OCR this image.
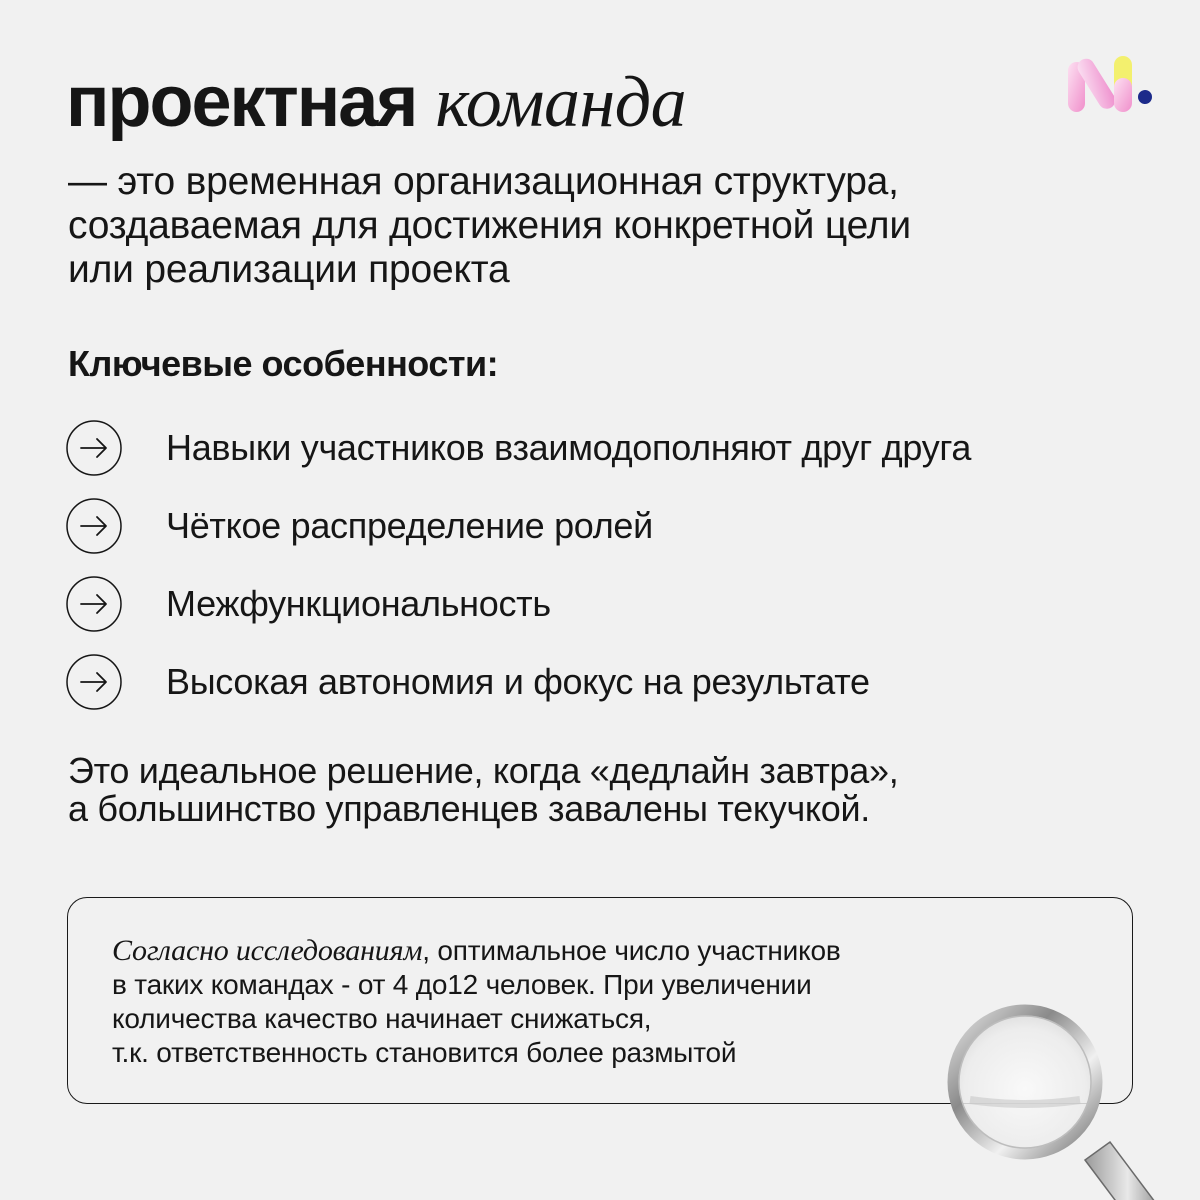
проектная команда

— это временная организационная структура,
создаваемая для достижения конкретной цели
или реализации проекта

Ключевые особенности:
Навыки участников взаимодополняют друг друга
Чёткое распределение ролей
Межфункциональность
Высокая автономия и фокус на результате

Это идеальное решение, когда «дедлайн завтра»,
а большинство управленцев завалены текучкой.

Согласно исследованиям, оптимальное число участников
в таких командах - от 4 до12 человек. При увеличении
количества качество начинает снижаться,
т.к. ответственность становится более размытой
